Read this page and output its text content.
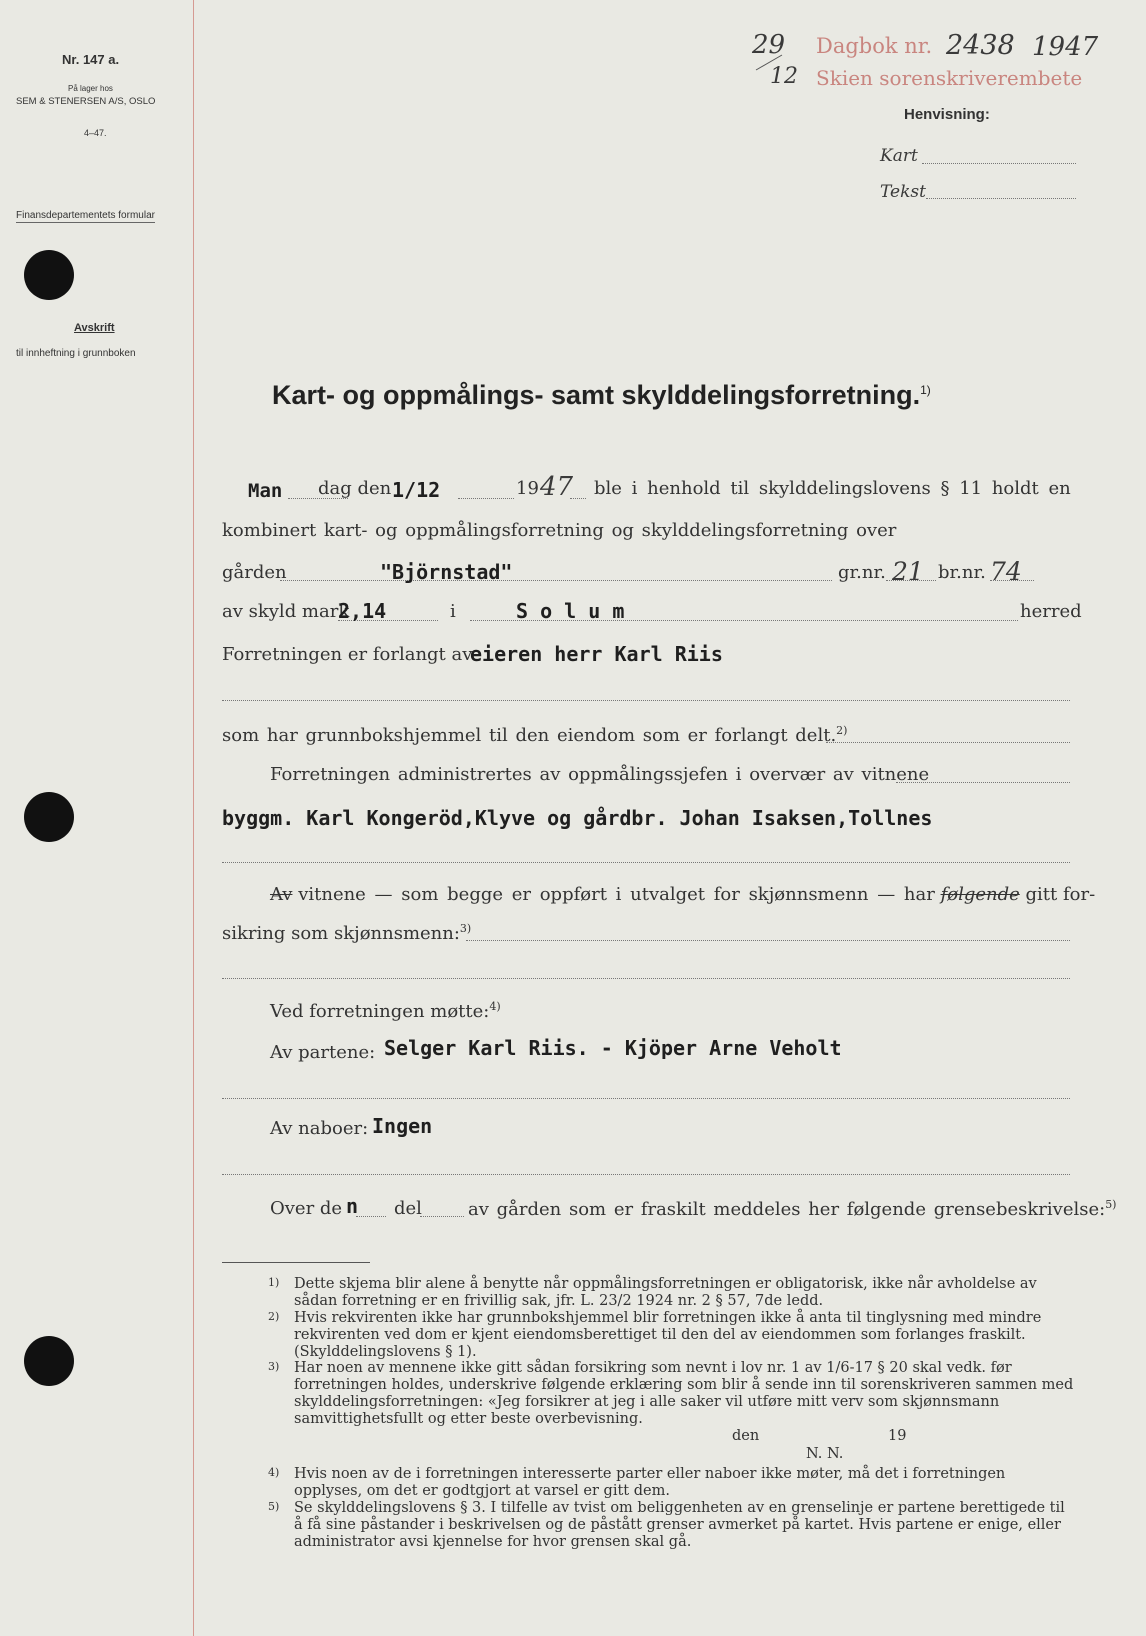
Nr. 147 a.
På lager hos
SEM & STENERSEN A/S, OSLO
4–47.
Finansdepartementets formular
Avskrift
til innheftning i grunnboken
29
12
Dagbok nr. 2438 1947
Skien sorenskriverembete
Henvisning:
Kart
Tekst
Kart- og oppmålings- samt skylddelingsforretning.$^{1)}$
Man dag den 1/12	19 47 ble i henhold til skylddelingslovens § 11 holdt en
kombinert kart- og oppmålingsforretning og skylddelingsforretning over
gården	"Björnstad"	gr.nr. 21 br.nr. 74
av skyld mark
2,14	i	S o l u m	herred
Forretningen er forlangt av
eieren herr Karl Riis
som har grunnbokshjemmel til den eiendom som er forlangt delt.$^{2)}$
Forretningen administrertes av oppmålingssjefen i overvær av vitnene
byggm. Karl Kongeröd,Klyve og gårdbr. Johan Isaksen,Tollnes
Av vitnene — som begge er oppført i utvalget for skjønnsmenn — har følgende gitt for-
sikring som skjønnsmenn:$^{3)}$
Ved forretningen møtte:$^{4)}$
Av partene: Selger Karl Riis. - Kjöper Arne Veholt
Av naboer: Ingen
Over de n del	av gården som er fraskilt meddeles her følgende grensebeskrivelse:$^{5)}$
1) Dette skjema blir alene å benytte når oppmålingsforretningen er obligatorisk, ikke når avholdelse av sådan forretning er en frivillig sak, jfr. L. 23/2 1924 nr. 2 § 57, 7de ledd.
2) Hvis rekvirenten ikke har grunnbokshjemmel blir forretningen ikke å anta til tinglysning med mindre rekvirenten ved dom er kjent eiendomsberettiget til den del av eiendommen som forlanges fraskilt. (Skylddelingslovens § 1).
3) Har noen av mennene ikke gitt sådan forsikring som nevnt i lov nr. 1 av 1/6-17 § 20 skal vedk. før forretningen holdes, underskrive følgende erklæring som blir å sende inn til sorenskriveren sammen med skylddelingsforretningen: «Jeg forsikrer at jeg i alle saker vil utføre mitt verv som skjønnsmann samvittighetsfullt og etter beste overbevisning.
den	19
N. N.
4) Hvis noen av de i forretningen interesserte parter eller naboer ikke møter, må det i forretningen opplyses, om det er godtgjort at varsel er gitt dem.
5) Se skylddelingslovens § 3. I tilfelle av tvist om beliggenheten av en grenselinje er partene berettigede til å få sine påstander i beskrivelsen og de påstått grenser avmerket på kartet. Hvis partene er enige, eller administrator avsi kjennelse for hvor grensen skal gå.
